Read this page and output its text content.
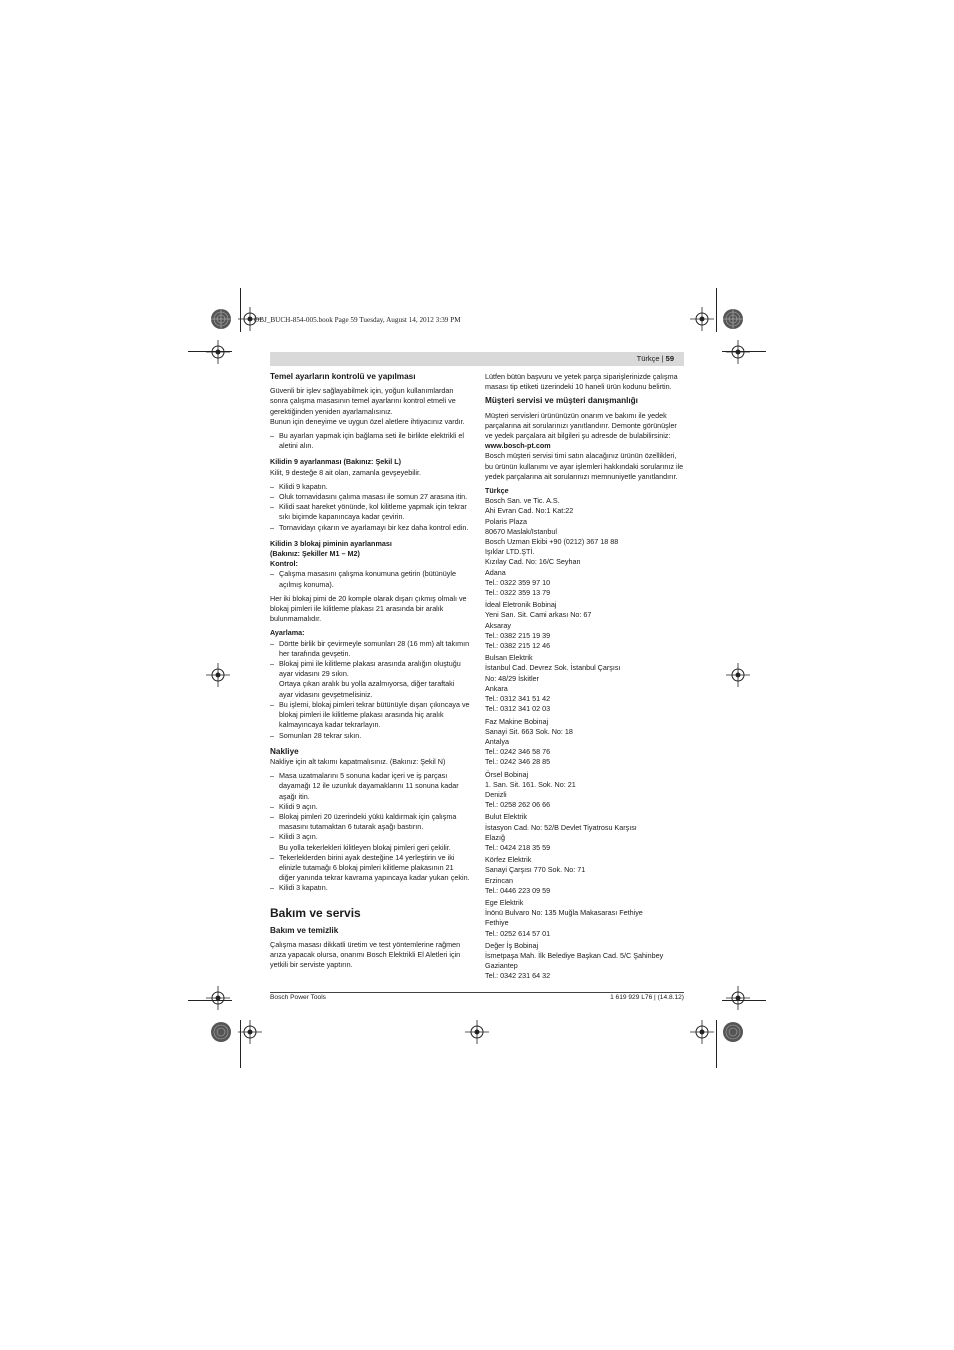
OBJ_BUCH-854-005.book Page 59 Tuesday, August 14, 2012 3:39 PM
Türkçe | 59

Temel ayarların kontrolü ve yapılması

Güvenli bir işlev sağlayabilmek için, yoğun kullanımlardan sonra çalışma masasının temel ayarlarını kontrol etmeli ve gerektiğinden yeniden ayarlamalısınız.

Bunun için deneyime ve uygun özel aletlere ihtiyacınız vardır.

– Bu ayarları yapmak için bağlama seti ile birlikte elektrikli el aletini alın.

Kilidin 9 ayarlanması (Bakınız: Şekil L)

Kilit, 9 desteğe 8 ait olan, zamanla gevşeyebilir.

– Kilidi 9 kapatın.

– Oluk tornavidasını çalıma masası ile somun 27 arasına itin.

– Kilidi saat hareket yönünde, kol kilitleme yapmak için tekrar sıkı biçimde kapanıncaya kadar çevirin.

– Tornavidayı çıkarın ve ayarlamayı bir kez daha kontrol edin.

Kilidin 3 blokaj piminin ayarlanması

(Bakınız: Şekiller M1 – M2)

Kontrol:

– Çalışma masasını çalışma konumuna getirin (bütünüyle açılmış konuma).

Her iki blokaj pimi de 20 komple olarak dışarı çıkmış olmalı ve blokaj pimleri ile kilitleme plakası 21 arasında bir aralık bulunmamalıdır.

Ayarlama:

– Dörtte birlik bir çevirmeyle somunları 28 (16 mm) alt takımın her tarafında gevşetin.

– Blokaj pimi ile kilitleme plakası arasında aralığın oluştuğu ayar vidasını 29 sıkın.

Ortaya çıkan aralık bu yolla azalmıyorsa, diğer taraftaki ayar vidasını gevşetmelisiniz.

– Bu işlemi, blokaj pimleri tekrar bütünüyle dışarı çıkıncaya ve blokaj pimleri ile kilitleme plakası arasında hiç aralık kalmayıncaya kadar tekrarlayın.

– Somunları 28 tekrar sıkın.

Nakliye

Nakliye için alt takımı kapatmalısınız. (Bakınız: Şekil N)

– Masa uzatmalarını 5 sonuna kadar içeri ve iş parçası dayamağı 12 ile uzunluk dayamaklarını 11 sonuna kadar aşağı itin.

– Kilidi 9 açın.

– Blokaj pimleri 20 üzerindeki yükü kaldırmak için çalışma masasını tutamaktan 6 tutarak aşağı bastırın.

– Kilidi 3 açın.

Bu yolla tekerlekleri kilitleyen blokaj pimleri geri çekilir.

– Tekerleklerden birini ayak desteğine 14 yerleştirin ve iki elinizle tutamağı 6 blokaj pimleri kilitleme plakasının 21 diğer yanında tekrar kavrama yapıncaya kadar yukarı çekin.

– Kilidi 3 kapatın.

Bakım ve servis

Bakım ve temizlik

Çalışma masası dikkatli üretim ve test yöntemlerine rağmen arıza yapacak olursa, onarımı Bosch Elektrikli El Aletleri için yetkili bir serviste yaptırın.

Lütfen bütün başvuru ve yetek parça siparişlerinizde çalışma masası tip etiketi üzerindeki 10 haneli ürün kodunu belirtin.

Müşteri servisi ve müşteri danışmanlığı

Müşteri servisleri ürününüzün onarım ve bakımı ile yedek parçalarına ait sorularınızı yanıtlandırır. Demonte görünüşler ve yedek parçalara ait bilgileri şu adresde de bulabilirsiniz:

www.bosch-pt.com

Bosch müşteri servisi timi satın alacağınız ürünün özellikleri, bu ürünün kullanımı ve ayar işlemleri hakkındaki sorularınız ile yedek parçalarına ait sorularınızı memnuniyetle yanıtlandırır.

Türkçe

Bosch San. ve Tic. A.S.

Ahi Evran Cad. No:1 Kat:22

Polaris Plaza

80670 Maslak/Istanbul

Bosch Uzman Ekibi +90 (0212) 367 18 88

Işıklar LTD.ŞTİ.

Kızılay Cad. No: 16/C Seyhan

Adana

Tel.: 0322 359 97 10

Tel.: 0322 359 13 79

İdeal Eletronik Bobinaj

Yeni San. Sit. Cami arkası No: 67

Aksaray

Tel.: 0382 215 19 39

Tel.: 0382 215 12 46

Bulsan Elektrik

İstanbul Cad. Devrez Sok. İstanbul Çarşısı

No: 48/29 İskitler

Ankara

Tel.: 0312 341 51 42

Tel.: 0312 341 02 03

Faz Makine Bobinaj

Sanayi Sit. 663 Sok. No: 18

Antalya

Tel.: 0242 346 58 76

Tel.: 0242 346 28 85

Örsel Bobinaj

1. San. Sit. 161. Sok. No: 21

Denizli

Tel.: 0258 262 06 66

Bulut Elektrik

İstasyon Cad. No: 52/B Devlet Tiyatrosu Karşısı

Elazığ

Tel.: 0424 218 35 59

Körfez Elektrik

Sanayi Çarşısı 770 Sok. No: 71

Erzincan

Tel.: 0446 223 09 59

Ege Elektrik

İnönü Bulvaro No: 135 Muğla Makasarası Fethiye

Fethiye

Tel.: 0252 614 57 01

Değer İş Bobinaj

İsmetpaşa Mah. İlk Belediye Başkan Cad. 5/C Şahinbey

Gaziantep

Tel.: 0342 231 64 32

Bosch Power Tools	1 619 929 L76 | (14.8.12)
